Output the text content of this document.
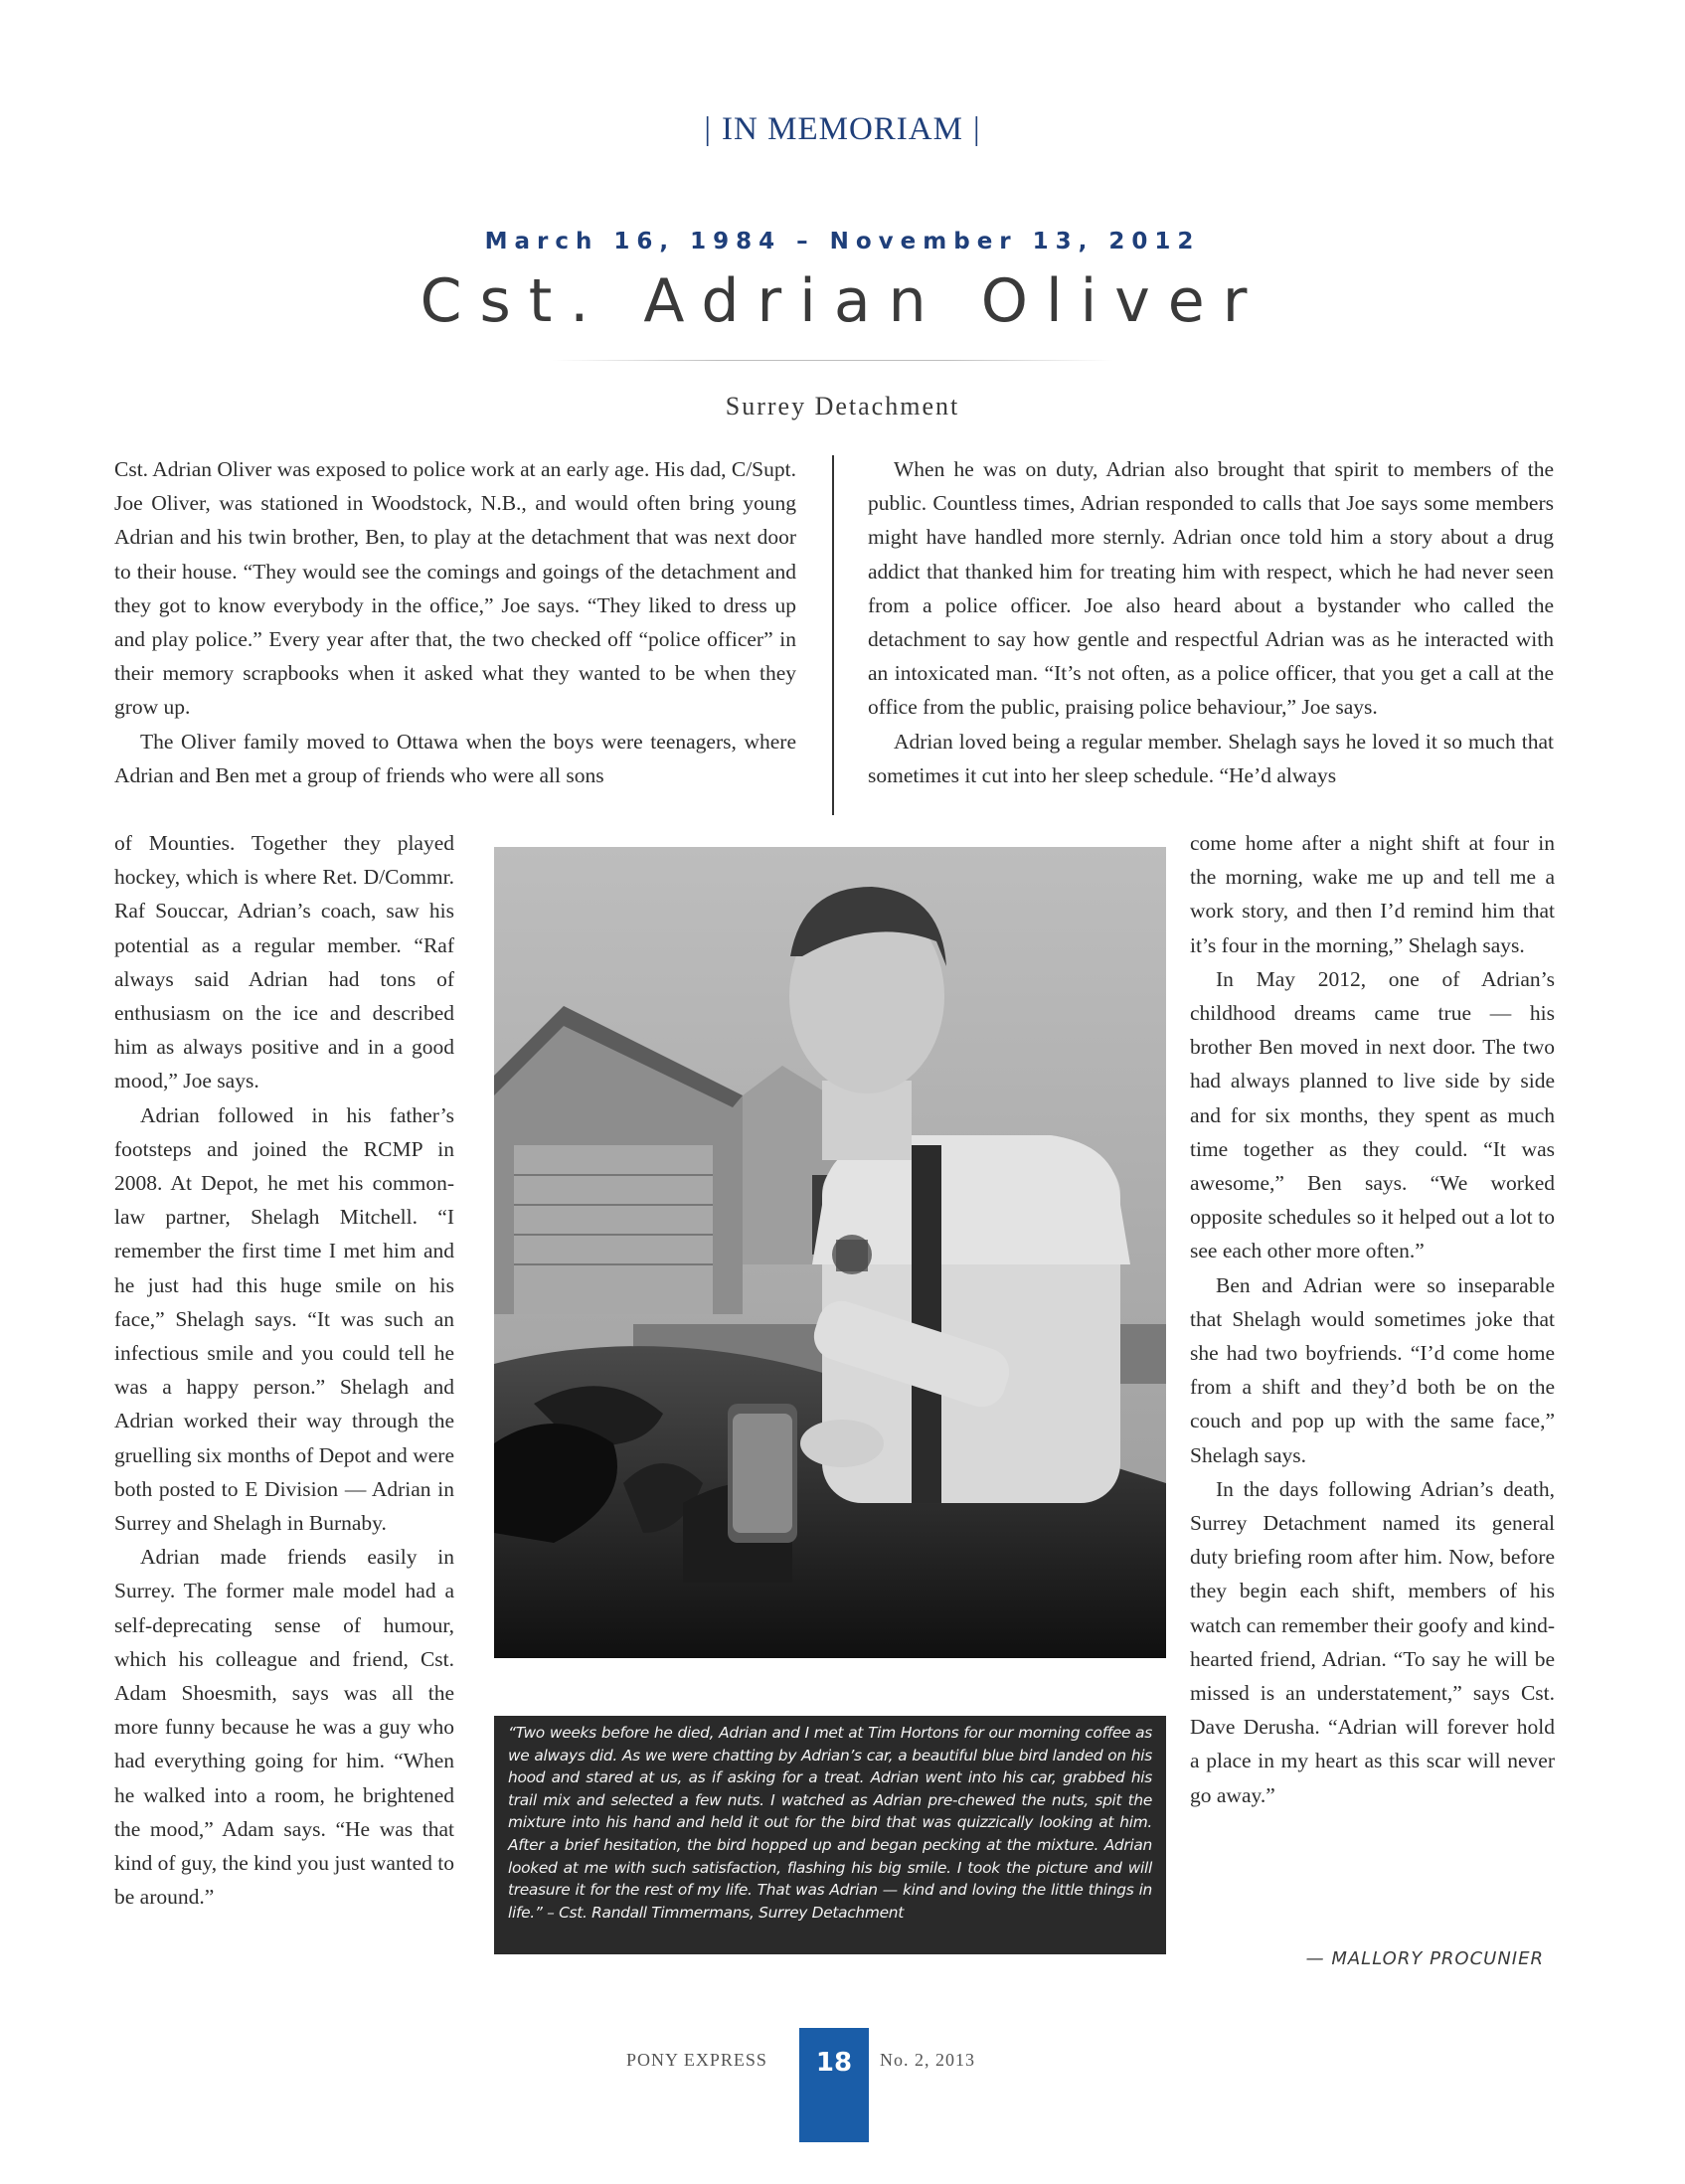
| IN MEMORIAM |
March 16, 1984 – November 13, 2012
Cst. Adrian Oliver
Surrey Detachment

Cst. Adrian Oliver was exposed to police work at an early age. His dad, C/Supt. Joe Oliver, was stationed in Woodstock, N.B., and would often bring young Adrian and his twin brother, Ben, to play at the detachment that was next door to their house. “They would see the comings and goings of the detachment and they got to know everybody in the office,” Joe says. “They liked to dress up and play police.” Every year after that, the two checked off “police officer” in their memory scrapbooks when it asked what they wanted to be when they grow up.

The Oliver family moved to Ottawa when the boys were teenagers, where Adrian and Ben met a group of friends who were all sons

of Mounties. Together they played hockey, which is where Ret. D/Commr. Raf Souccar, Adrian’s coach, saw his potential as a regular member. “Raf always said Adrian had tons of enthusiasm on the ice and described him as always positive and in a good mood,” Joe says.

Adrian followed in his father’s footsteps and joined the RCMP in 2008. At Depot, he met his common-law partner, Shelagh Mitchell. “I remember the first time I met him and he just had this huge smile on his face,” Shelagh says. “It was such an infectious smile and you could tell he was a happy person.” Shelagh and Adrian worked their way through the gruelling six months of Depot and were both posted to E Division — Adrian in Surrey and Shelagh in Burnaby.

Adrian made friends easily in Surrey. The former male model had a self-deprecating sense of humour, which his colleague and friend, Cst. Adam Shoesmith, says was all the more funny because he was a guy who had everything going for him. “When he walked into a room, he brightened the mood,” Adam says. “He was that kind of guy, the kind you just wanted to be around.”

When he was on duty, Adrian also brought that spirit to members of the public. Countless times, Adrian responded to calls that Joe says some members might have handled more sternly. Adrian once told him a story about a drug addict that thanked him for treating him with respect, which he had never seen from a police officer. Joe also heard about a bystander who called the detachment to say how gentle and respectful Adrian was as he interacted with an intoxicated man. “It’s not often, as a police officer, that you get a call at the office from the public, praising police behaviour,” Joe says.

Adrian loved being a regular member. Shelagh says he loved it so much that sometimes it cut into her sleep schedule. “He’d always

come home after a night shift at four in the morning, wake me up and tell me a work story, and then I’d remind him that it’s four in the morning,” Shelagh says.

In May 2012, one of Adrian’s childhood dreams came true — his brother Ben moved in next door. The two had always planned to live side by side and for six months, they spent as much time together as they could. “It was awesome,” Ben says. “We worked opposite schedules so it helped out a lot to see each other more often.”

Ben and Adrian were so inseparable that Shelagh would sometimes joke that she had two boyfriends. “I’d come home from a shift and they’d both be on the couch and pop up with the same face,” Shelagh says.

In the days following Adrian’s death, Surrey Detachment named its general duty briefing room after him. Now, before they begin each shift, members of his watch can remember their goofy and kind-hearted friend, Adrian. “To say he will be missed is an understatement,” says Cst. Dave Derusha. “Adrian will forever hold a place in my heart as this scar will never go away.”

— MALLORY PROCUNIER
“Two weeks before he died, Adrian and I met at Tim Hortons for our morning coffee as we always did. As we were chatting by Adrian’s car, a beautiful blue bird landed on his hood and stared at us, as if asking for a treat. Adrian went into his car, grabbed his trail mix and selected a few nuts. I watched as Adrian pre-chewed the nuts, spit the mixture into his hand and held it out for the bird that was quizzically looking at him. After a brief hesitation, the bird hopped up and began pecking at the mixture. Adrian looked at me with such satisfaction, flashing his big smile. I took the picture and will treasure it for the rest of my life. That was Adrian — kind and loving the little things in life.” – Cst. Randall Timmermans, Surrey Detachment
PONY EXPRESS	18	No. 2, 2013
